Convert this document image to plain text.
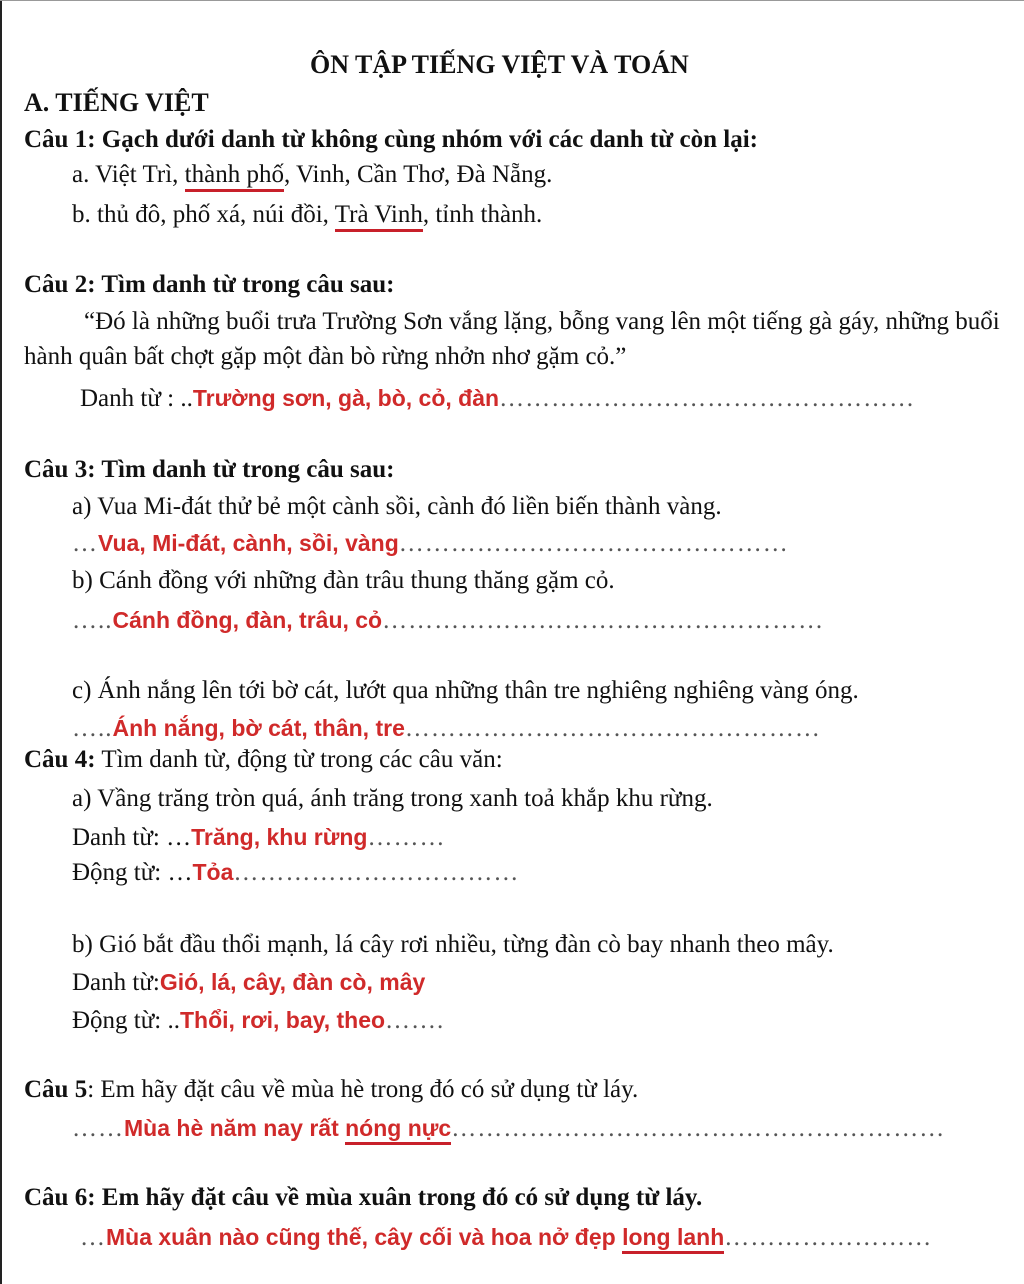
ÔN TẬP TIẾNG VIỆT VÀ TOÁN
A. TIẾNG VIỆT
Câu 1: Gạch dưới danh từ không cùng nhóm với các danh từ còn lại:
a. Việt Trì, thành phố, Vinh, Cần Thơ, Đà Nẵng.
b. thủ đô, phố xá, núi đồi, Trà Vinh, tỉnh thành.
Câu 2: Tìm danh từ trong câu sau:
“Đó là những buổi trưa Trường Sơn vắng lặng, bỗng vang lên một tiếng gà gáy, những buổi
hành quân bất chợt gặp một đàn bò rừng nhởn nhơ gặm cỏ.”
Danh từ : ..Trường sơn, gà, bò, cỏ, đàn…………………………………………
Câu 3: Tìm danh từ trong câu sau:
a) Vua Mi-đát thử bẻ một cành sồi, cành đó liền biến thành vàng.
…Vua, Mi-đát, cành, sồi, vàng………………………………………
b) Cánh đồng với những đàn trâu thung thăng gặm cỏ.
…..Cánh đồng, đàn, trâu, cỏ……………………………………………
c) Ánh nắng lên tới bờ cát, lướt qua những thân tre nghiêng nghiêng vàng óng.
…..Ánh nắng, bờ cát, thân, tre…………………………………………
Câu 4: Tìm danh từ, động từ trong các câu văn:
a) Vầng trăng tròn quá, ánh trăng trong xanh toả khắp khu rừng.
Danh từ: …Trăng, khu rừng………
Động từ: …Tỏa……………………………
b) Gió bắt đầu thổi mạnh, lá cây rơi nhiều, từng đàn cò bay nhanh theo mây.
Danh từ:Gió, lá, cây, đàn cò, mây
Động từ: ..Thổi, rơi, bay, theo…….
Câu 5: Em hãy đặt câu về mùa hè trong đó có sử dụng từ láy.
……Mùa hè năm nay rất nóng nực…………………………………………………
Câu 6: Em hãy đặt câu về mùa xuân trong đó có sử dụng từ láy.
…Mùa xuân nào cũng thế, cây cối và hoa nở đẹp long lanh……………………
